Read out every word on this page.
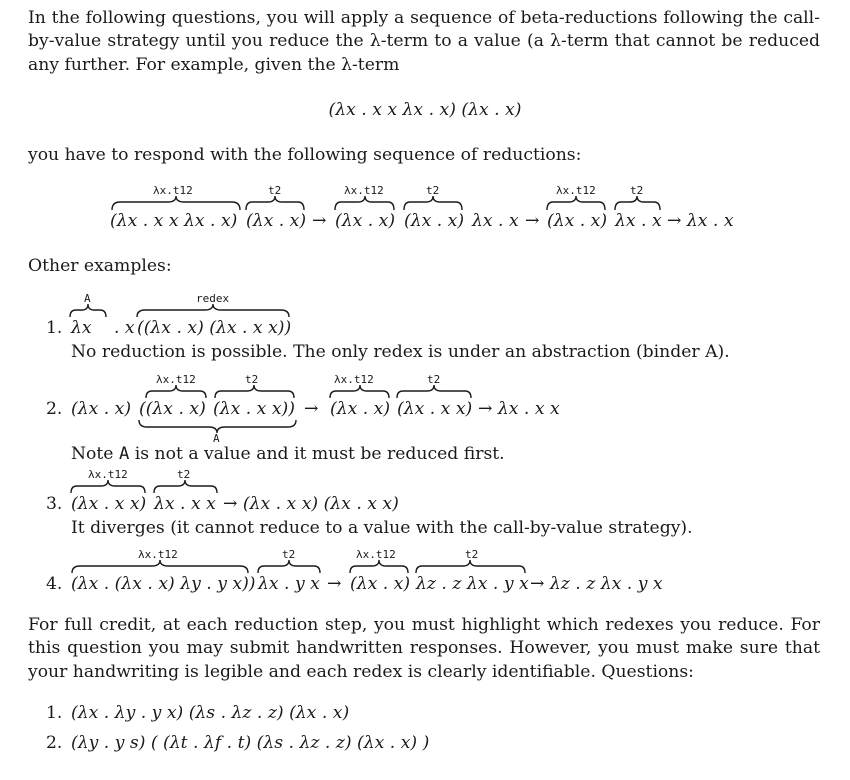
In the following questions, you will apply a sequence of beta-reductions following the call-by-value strategy until you reduce the λ-term to a value (a λ-term that cannot be reduced any further. For example, given the λ-term

(λx . x x λx . x) (λx . x)
you have to respond with the following sequence of reductions:
λx.t12	t2	λx.t12	t2	λx.t12	t2
(λx . x x λx . x) (λx . x) → (λx . x) (λx . x) λx . x → (λx . x) λx . x → λx . x
Other examples:
A	redex
1. λx . x ((λx . x) (λx . x x))
No reduction is possible. The only redex is under an abstraction (binder A).
λx.t12	t2	λx.t12	t2
2. (λx . x) ((λx . x) (λx . x x)) → (λx . x) (λx . x x) → λx . x x
A
Note A is not a value and it must be reduced first.
λx.t12	t2
3. (λx . x x) λx . x x → (λx . x x) (λx . x x)
It diverges (it cannot reduce to a value with the call-by-value strategy).
λx.t12	t2	λx.t12	t2
4. (λx . (λx . x) λy . y x)) λx . y x → (λx . x) λz . z λx . y x → λz . z λx . y x

For full credit, at each reduction step, you must highlight which redexes you reduce. For this question you may submit handwritten responses. However, you must make sure that your handwriting is legible and each redex is clearly identifiable. Questions:

1. (λx . λy . y x) (λs . λz . z) (λx . x)
2. (λy . y s) ( (λt . λf . t) (λs . λz . z) (λx . x) )
